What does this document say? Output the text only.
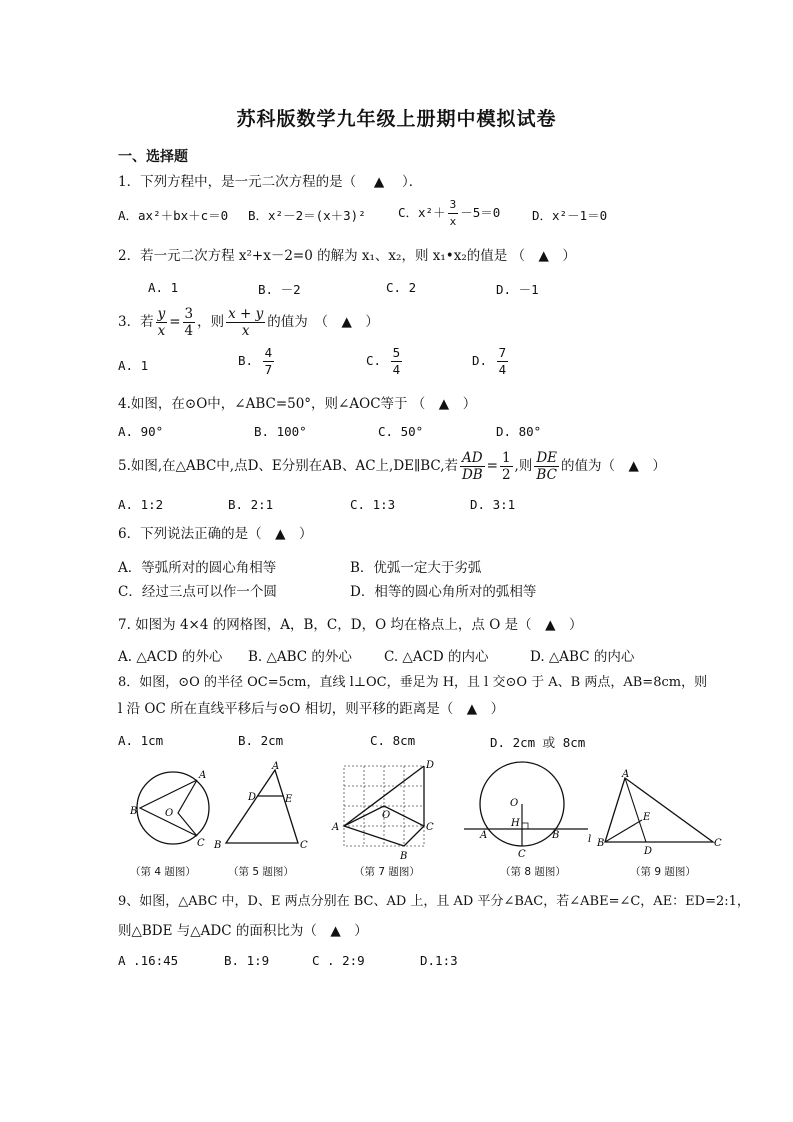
苏科版数学九年级上册期中模拟试卷
一、选择题
1．下列方程中，是一元二次方程的是（　 ▲　 ）．
A．ax²＋bx＋c＝0 B．x²－2＝(x＋3)²	C．$x^2+ \frac{3}{x} -5=0$	D．x²－1＝0
2．若一元二次方程 x²+x－2=0 的解为 x₁、x₂，则 x₁•x₂的值是 （　▲　）
A. 1	B. －2	C. 2	D. －1
3．若 $\frac{y}{x} = \frac{3}{4}$ ，则 $\frac{x + y}{x}$ 的值为　（　▲　）
A. 1	B. $\frac{4}{7}$	C. $\frac{5}{4}$	D. $\frac{7}{4}$
4.如图，在⊙O中，∠ABC=50°，则∠AOC等于 （　▲　）
A. 90°	B. 100°	C. 50°	D. 80°
5.如图,在△ABC中,点D、E分别在AB、AC上,DE∥BC,若 $\frac{AD}{DB} = \frac{1}{2}$ ,则 $\frac{DE}{BC}$ 的值为（　▲　）
A. 1:2	B. 2:1	C. 1:3	D. 3:1
6．下列说法正确的是（　▲　）
A．等弧所对的圆心角相等	B．优弧一定大于劣弧
C．经过三点可以作一个圆	D．相等的圆心角所对的弧相等
7. 如图为 4×4 的网格图，A，B，C，D，O 均在格点上，点 O 是（　▲　）
A. △ACD 的外心 B. △ABC 的外心 C. △ACD 的内心	D. △ABC 的内心
8．如图，⊙O 的半径 OC=5cm，直线 l⊥OC，垂足为 H，且 l 交⊙O 于 A、B 两点，AB=8cm，则
l 沿 OC 所在直线平移后与⊙O 相切，则平移的距离是（　▲　）
A. 1cm	B. 2cm	C. 8cm	D. 2cm 或 8cm
A
B	O
C
A
D	E
B	C
D
O
A	C
B
O
H
A	B
C
l
A
E
B
D
C
（第 4 题图）	（第 5 题图）	（第 7 题图）	（第 8 题图）	（第 9 题图）
9、如图，△ABC 中，D、E 两点分别在 BC、AD 上，且 AD 平分∠BAC，若∠ABE=∠C，AE：ED=2:1，
则△BDE 与△ADC 的面积比为（　▲　）
A .16:45	B. 1:9	C . 2:9	D.1:3
